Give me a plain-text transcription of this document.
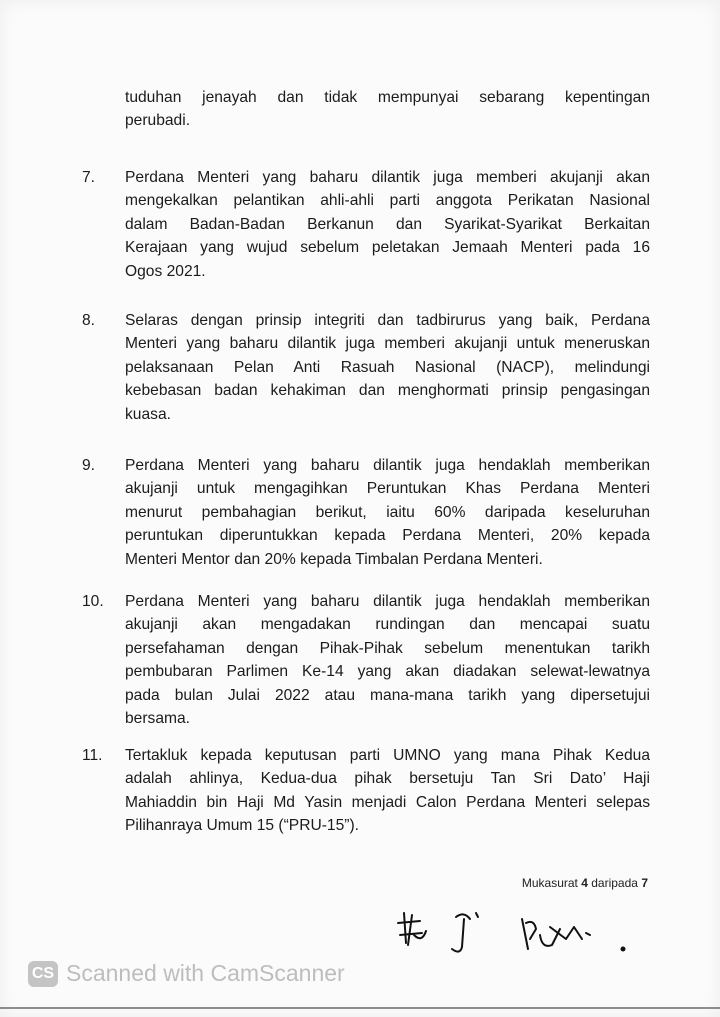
tuduhan jenayah dan tidak mempunyai sebarang kepentingan
perubadi.
7. Perdana Menteri yang baharu dilantik juga memberi akujanji akan
mengekalkan pelantikan ahli-ahli parti anggota Perikatan Nasional
dalam Badan-Badan Berkanun dan Syarikat-Syarikat Berkaitan
Kerajaan yang wujud sebelum peletakan Jemaah Menteri pada 16
Ogos 2021.
8. Selaras dengan prinsip integriti dan tadbirurus yang baik, Perdana
Menteri yang baharu dilantik juga memberi akujanji untuk meneruskan
pelaksanaan Pelan Anti Rasuah Nasional (NACP), melindungi
kebebasan badan kehakiman dan menghormati prinsip pengasingan
kuasa.
9. Perdana Menteri yang baharu dilantik juga hendaklah memberikan
akujanji untuk mengagihkan Peruntukan Khas Perdana Menteri
menurut pembahagian berikut, iaitu 60% daripada keseluruhan
peruntukan diperuntukkan kepada Perdana Menteri, 20% kepada
Menteri Mentor dan 20% kepada Timbalan Perdana Menteri.
10. Perdana Menteri yang baharu dilantik juga hendaklah memberikan
akujanji akan mengadakan rundingan dan mencapai suatu
persefahaman dengan Pihak-Pihak sebelum menentukan tarikh
pembubaran Parlimen Ke-14 yang akan diadakan selewat-lewatnya
pada bulan Julai 2022 atau mana-mana tarikh yang dipersetujui
bersama.
11. Tertakluk kepada keputusan parti UMNO yang mana Pihak Kedua
adalah ahlinya, Kedua-dua pihak bersetuju Tan Sri Dato’ Haji
Mahiaddin bin Haji Md Yasin menjadi Calon Perdana Menteri selepas
Pilihanraya Umum 15 (“PRU-15”).
Mukasurat 4 daripada 7
CS Scanned with CamScanner
